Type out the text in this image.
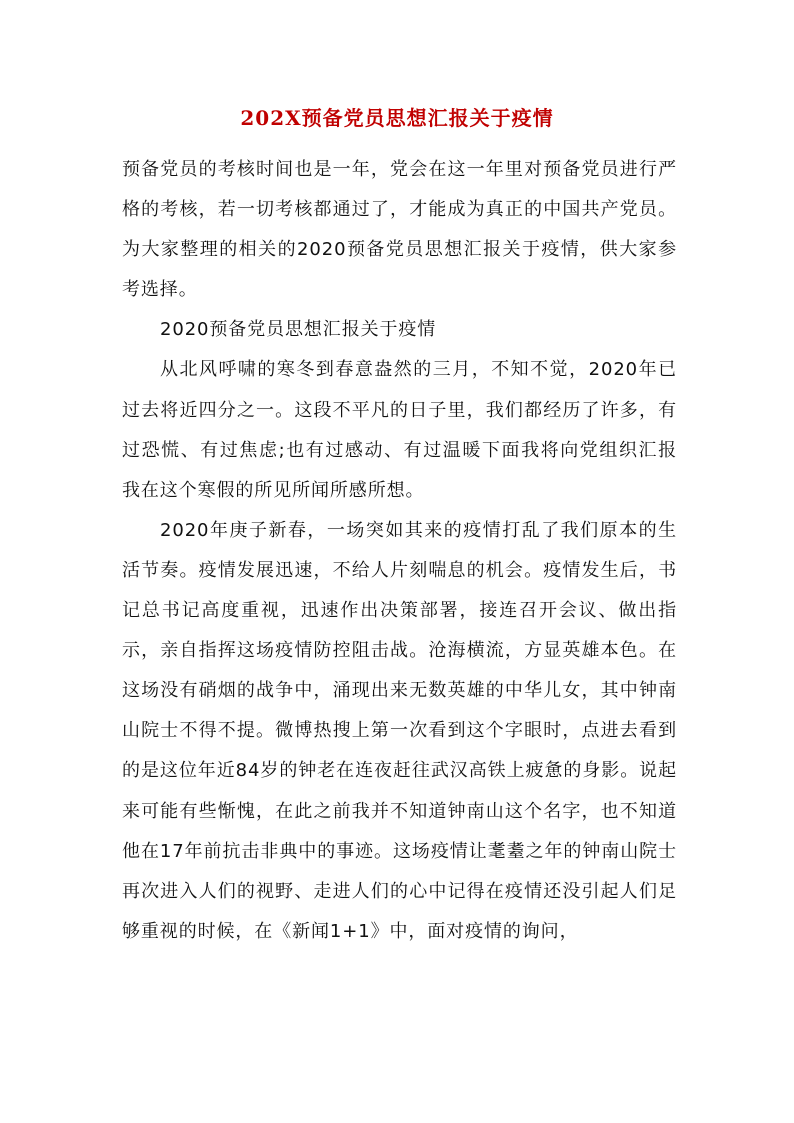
202X预备党员思想汇报关于疫情

预备党员的考核时间也是一年，党会在这一年里对预备党员进行严格的考核，若一切考核都通过了，才能成为真正的中国共产党员。为大家整理的相关的2020预备党员思想汇报关于疫情，供大家参考选择。

2020预备党员思想汇报关于疫情

从北风呼啸的寒冬到春意盎然的三月，不知不觉，2020年已过去将近四分之一。这段不平凡的日子里，我们都经历了许多，有过恐慌、有过焦虑;也有过感动、有过温暖下面我将向党组织汇报我在这个寒假的所见所闻所感所想。

2020年庚子新春，一场突如其来的疫情打乱了我们原本的生活节奏。疫情发展迅速，不给人片刻喘息的机会。疫情发生后，书记总书记高度重视，迅速作出决策部署，接连召开会议、做出指示，亲自指挥这场疫情防控阻击战。沧海横流，方显英雄本色。在这场没有硝烟的战争中，涌现出来无数英雄的中华儿女，其中钟南山院士不得不提。微博热搜上第一次看到这个字眼时，点进去看到的是这位年近84岁的钟老在连夜赶往武汉高铁上疲惫的身影。说起来可能有些惭愧，在此之前我并不知道钟南山这个名字，也不知道他在17年前抗击非典中的事迹。这场疫情让耄耋之年的钟南山院士再次进入人们的视野、走进人们的心中记得在疫情还没引起人们足够重视的时候，在《新闻1+1》中，面对疫情的询问，
